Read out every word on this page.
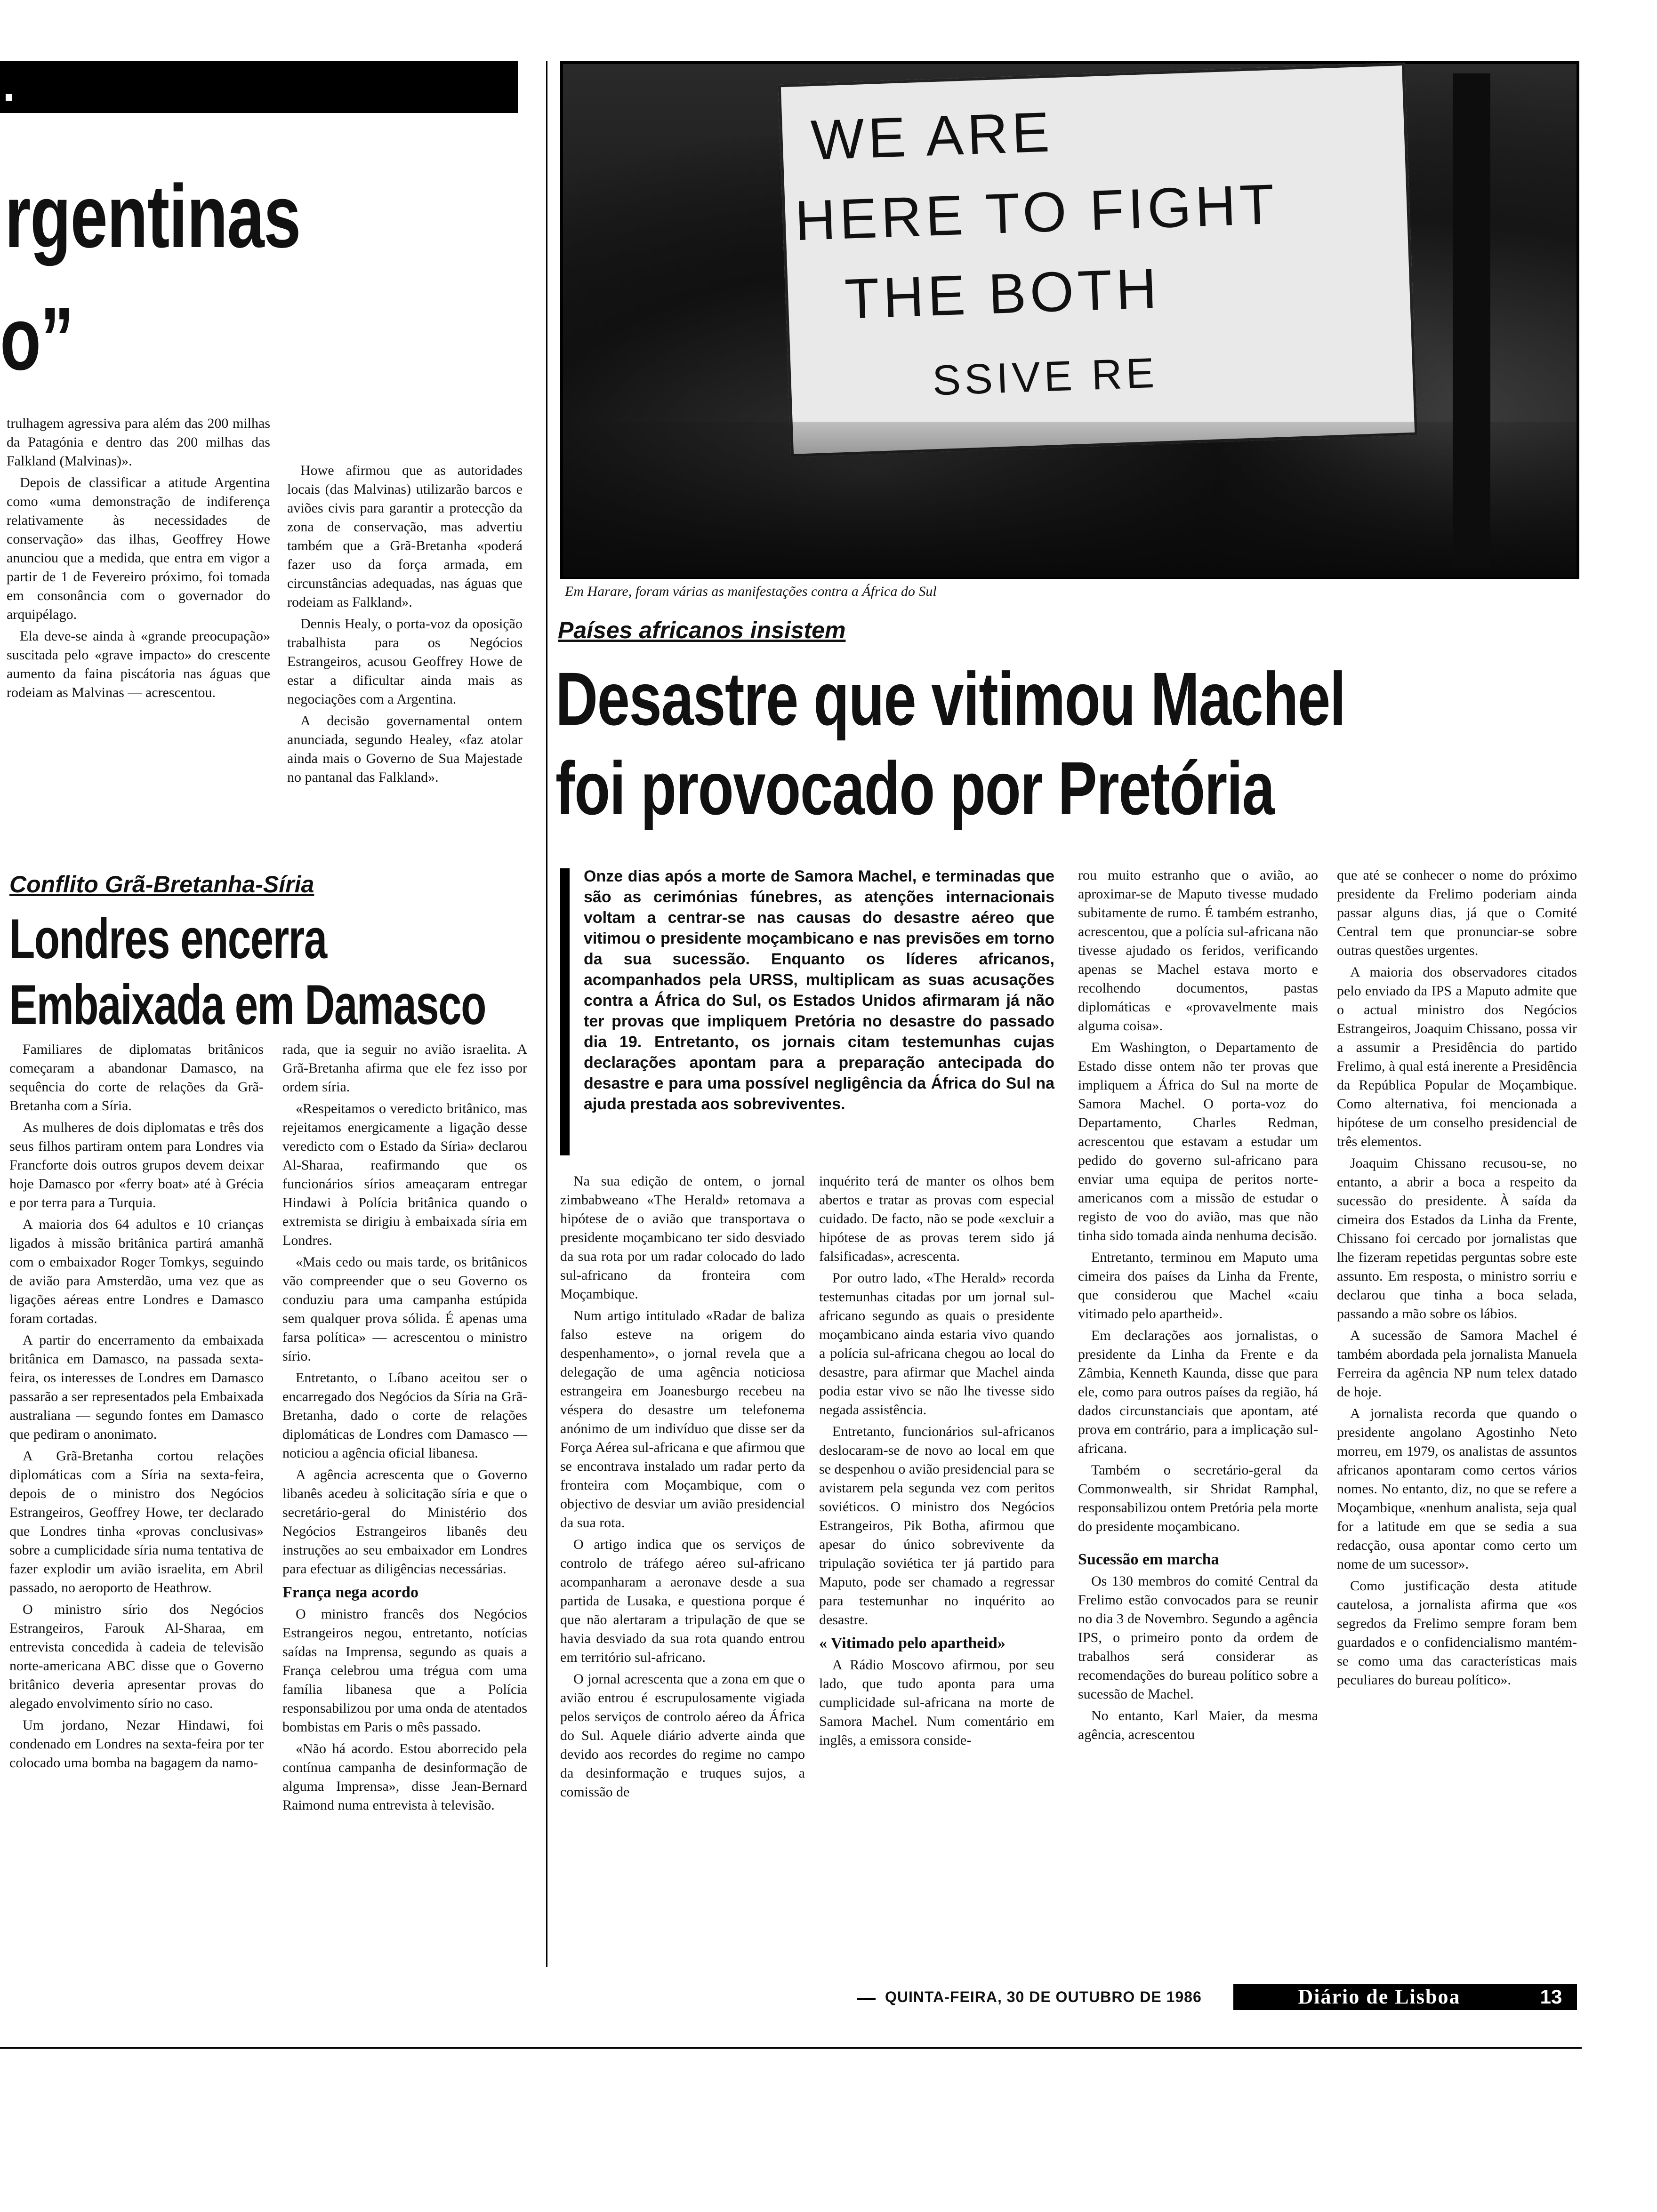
rgentinas
o”

trulhagem agressiva para além das 200 milhas da Patagónia e dentro das 200 milhas das Falkland (Malvinas)».

Depois de classificar a atitude Argentina como «uma demonstração de indiferença relativamente às necessidades de conservação» das ilhas, Geoffrey Howe anunciou que a medida, que entra em vigor a partir de 1 de Fevereiro próximo, foi tomada em consonância com o governador do arquipélago.

Ela deve-se ainda à «grande preocupação» suscitada pelo «grave impacto» do crescente aumento da faina piscátoria nas águas que rodeiam as Malvinas — acrescentou.

Howe afirmou que as autoridades locais (das Malvinas) utilizarão barcos e aviões civis para garantir a protecção da zona de conservação, mas advertiu também que a Grã-Bretanha «poderá fazer uso da força armada, em circunstâncias adequadas, nas águas que rodeiam as Falkland».

Dennis Healy, o porta-voz da oposição trabalhista para os Negócios Estrangeiros, acusou Geoffrey Howe de estar a dificultar ainda mais as negociações com a Argentina.

A decisão governamental ontem anunciada, segundo Healey, «faz atolar ainda mais o Governo de Sua Majestade no pantanal das Falkland».

WE ARE
HERE TO FIGHT
THE BOTH
SSIVE RE
Em Harare, foram várias as manifestações contra a África do Sul
Países africanos insistem
Desastre que vitimou Machel
foi provocado por Pretória
Onze dias após a morte de Samora Machel, e terminadas que são as cerimónias fúnebres, as atenções internacionais voltam a centrar-se nas causas do desastre aéreo que vitimou o presidente moçambicano e nas previsões em torno da sua sucessão. Enquanto os líderes africanos, acompanhados pela URSS, multiplicam as suas acusações contra a África do Sul, os Estados Unidos afirmaram já não ter provas que impliquem Pretória no desastre do passado dia 19. Entretanto, os jornais citam testemunhas cujas declarações apontam para a preparação antecipada do desastre e para uma possível negligência da África do Sul na ajuda prestada aos sobreviventes.

Na sua edição de ontem, o jornal zimbabweano «The Herald» retomava a hipótese de o avião que transportava o presidente moçambicano ter sido desviado da sua rota por um radar colocado do lado sul-africano da fronteira com Moçambique.

Num artigo intitulado «Radar de baliza falso esteve na origem do despenhamento», o jornal revela que a delegação de uma agência noticiosa estrangeira em Joanesburgo recebeu na véspera do desastre um telefonema anónimo de um indivíduo que disse ser da Força Aérea sul-africana e que afirmou que se encontrava instalado um radar perto da fronteira com Moçambique, com o objectivo de desviar um avião presidencial da sua rota.

O artigo indica que os serviços de controlo de tráfego aéreo sul-africano acompanharam a aeronave desde a sua partida de Lusaka, e questiona porque é que não alertaram a tripulação de que se havia desviado da sua rota quando entrou em território sul-africano.

O jornal acrescenta que a zona em que o avião entrou é escrupulosamente vigiada pelos serviços de controlo aéreo da África do Sul. Aquele diário adverte ainda que devido aos recordes do regime no campo da desinformação e truques sujos, a comissão de

inquérito terá de manter os olhos bem abertos e tratar as provas com especial cuidado. De facto, não se pode «excluir a hipótese de as provas terem sido já falsificadas», acrescenta.

Por outro lado, «The Herald» recorda testemunhas citadas por um jornal sul-africano segundo as quais o presidente moçambicano ainda estaria vivo quando a polícia sul-africana chegou ao local do desastre, para afirmar que Machel ainda podia estar vivo se não lhe tivesse sido negada assistência.

Entretanto, funcionários sul-africanos deslocaram-se de novo ao local em que se despenhou o avião presidencial para se avistarem pela segunda vez com peritos soviéticos. O ministro dos Negócios Estrangeiros, Pik Botha, afirmou que apesar do único sobrevivente da tripulação soviética ter já partido para Maputo, pode ser chamado a regressar para testemunhar no inquérito ao desastre.

« Vitimado pelo apartheid»

A Rádio Moscovo afirmou, por seu lado, que tudo aponta para uma cumplicidade sul-africana na morte de Samora Machel. Num comentário em inglês, a emissora conside-

rou muito estranho que o avião, ao aproximar-se de Maputo tivesse mudado subitamente de rumo. É também estranho, acrescentou, que a polícia sul-africana não tivesse ajudado os feridos, verificando apenas se Machel estava morto e recolhendo documentos, pastas diplomáticas e «provavelmente mais alguma coisa».

Em Washington, o Departamento de Estado disse ontem não ter provas que impliquem a África do Sul na morte de Samora Machel. O porta-voz do Departamento, Charles Redman, acrescentou que estavam a estudar um pedido do governo sul-africano para enviar uma equipa de peritos norte-americanos com a missão de estudar o registo de voo do avião, mas que não tinha sido tomada ainda nenhuma decisão.

Entretanto, terminou em Maputo uma cimeira dos países da Linha da Frente, que considerou que Machel «caiu vitimado pelo apartheid».

Em declarações aos jornalistas, o presidente da Linha da Frente e da Zâmbia, Kenneth Kaunda, disse que para ele, como para outros países da região, há dados circunstanciais que apontam, até prova em contrário, para a implicação sul-africana.

Também o secretário-geral da Commonwealth, sir Shridat Ramphal, responsabilizou ontem Pretória pela morte do presidente moçambicano.

Sucessão em marcha

Os 130 membros do comité Central da Frelimo estão convocados para se reunir no dia 3 de Novembro. Segundo a agência IPS, o primeiro ponto da ordem de trabalhos será considerar as recomendações do bureau político sobre a sucessão de Machel.

No entanto, Karl Maier, da mesma agência, acrescentou

que até se conhecer o nome do próximo presidente da Frelimo poderiam ainda passar alguns dias, já que o Comité Central tem que pronunciar-se sobre outras questões urgentes.

A maioria dos observadores citados pelo enviado da IPS a Maputo admite que o actual ministro dos Negócios Estrangeiros, Joaquim Chissano, possa vir a assumir a Presidência do partido Frelimo, à qual está inerente a Presidência da República Popular de Moçambique. Como alternativa, foi mencionada a hipótese de um conselho presidencial de três elementos.

Joaquim Chissano recusou-se, no entanto, a abrir a boca a respeito da sucessão do presidente. À saída da cimeira dos Estados da Linha da Frente, Chissano foi cercado por jornalistas que lhe fizeram repetidas perguntas sobre este assunto. Em resposta, o ministro sorriu e declarou que tinha a boca selada, passando a mão sobre os lábios.

A sucessão de Samora Machel é também abordada pela jornalista Manuela Ferreira da agência NP num telex datado de hoje.

A jornalista recorda que quando o presidente angolano Agostinho Neto morreu, em 1979, os analistas de assuntos africanos apontaram como certos vários nomes. No entanto, diz, no que se refere a Moçambique, «nenhum analista, seja qual for a latitude em que se sedia a sua redacção, ousa apontar como certo um nome de um sucessor».

Como justificação desta atitude cautelosa, a jornalista afirma que «os segredos da Frelimo sempre foram bem guardados e o confidencialismo mantém-se como uma das características mais peculiares do bureau político».

Conflito Grã-Bretanha-Síria
Londres encerra
Embaixada em Damasco

Familiares de diplomatas britânicos começaram a abandonar Damasco, na sequência do corte de relações da Grã-Bretanha com a Síria.

As mulheres de dois diplomatas e três dos seus filhos partiram ontem para Londres via Francforte dois outros grupos devem deixar hoje Damasco por «ferry boat» até à Grécia e por terra para a Turquia.

A maioria dos 64 adultos e 10 crianças ligados à missão britânica partirá amanhã com o embaixador Roger Tomkys, seguindo de avião para Amsterdão, uma vez que as ligações aéreas entre Londres e Damasco foram cortadas.

A partir do encerramento da embaixada britânica em Damasco, na passada sexta-feira, os interesses de Londres em Damasco passarão a ser representados pela Embaixada australiana — segundo fontes em Damasco que pediram o anonimato.

A Grã-Bretanha cortou relações diplomáticas com a Síria na sexta-feira, depois de o ministro dos Negócios Estrangeiros, Geoffrey Howe, ter declarado que Londres tinha «provas conclusivas» sobre a cumplicidade síria numa tentativa de fazer explodir um avião israelita, em Abril passado, no aeroporto de Heathrow.

O ministro sírio dos Negócios Estrangeiros, Farouk Al-Sharaa, em entrevista concedida à cadeia de televisão norte-americana ABC disse que o Governo britânico deveria apresentar provas do alegado envolvimento sírio no caso.

Um jordano, Nezar Hindawi, foi condenado em Londres na sexta-feira por ter colocado uma bomba na bagagem da namo-

rada, que ia seguir no avião israelita. A Grã-Bretanha afirma que ele fez isso por ordem síria.

«Respeitamos o veredicto britânico, mas rejeitamos energicamente a ligação desse veredicto com o Estado da Síria» declarou Al-Sharaa, reafirmando que os funcionários sírios ameaçaram entregar Hindawi à Polícia britânica quando o extremista se dirigiu à embaixada síria em Londres.

«Mais cedo ou mais tarde, os britânicos vão compreender que o seu Governo os conduziu para uma campanha estúpida sem qualquer prova sólida. É apenas uma farsa política» — acrescentou o ministro sírio.

Entretanto, o Líbano aceitou ser o encarregado dos Negócios da Síria na Grã-Bretanha, dado o corte de relações diplomáticas de Londres com Damasco — noticiou a agência oficial libanesa.

A agência acrescenta que o Governo libanês acedeu à solicitação síria e que o secretário-geral do Ministério dos Negócios Estrangeiros libanês deu instruções ao seu embaixador em Londres para efectuar as diligências necessárias.

França nega acordo

O ministro francês dos Negócios Estrangeiros negou, entretanto, notícias saídas na Imprensa, segundo as quais a França celebrou uma trégua com uma família libanesa que a Polícia responsabilizou por uma onda de atentados bombistas em Paris o mês passado.

«Não há acordo. Estou aborrecido pela contínua campanha de desinformação de alguma Imprensa», disse Jean-Bernard Raimond numa entrevista à televisão.

QUINTA-FEIRA, 30 DE OUTUBRO DE 1986	Diário de Lisboa	13
